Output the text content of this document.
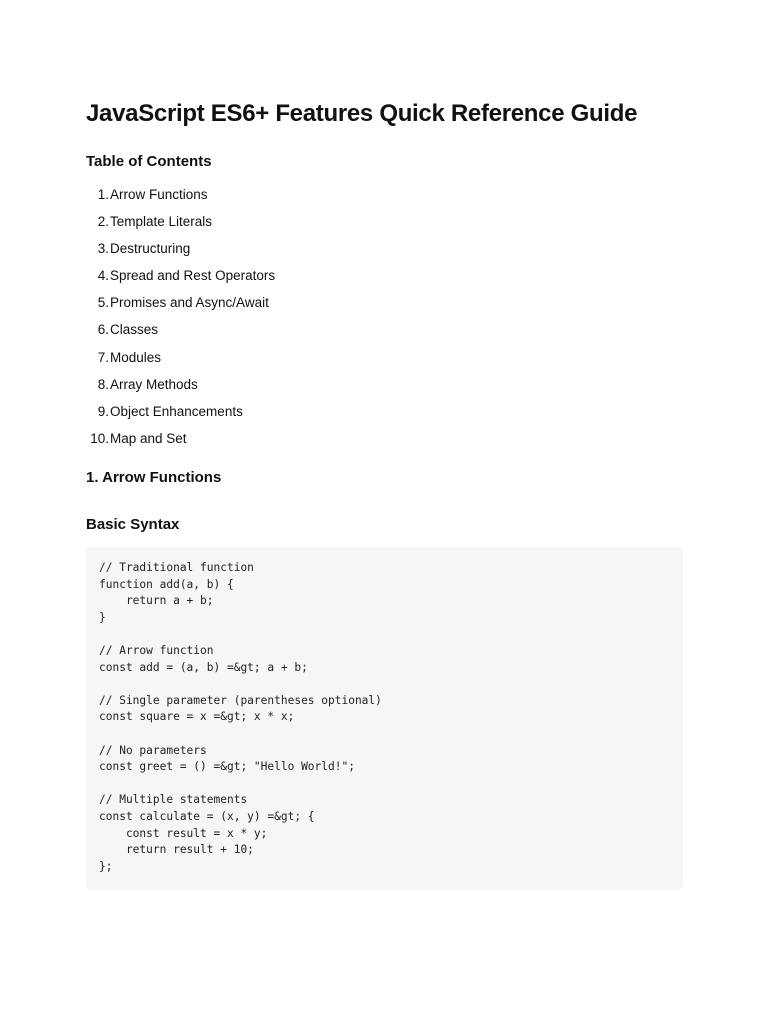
JavaScript ES6+ Features Quick Reference Guide
Table of Contents
1. Arrow Functions
2. Template Literals
3. Destructuring
4. Spread and Rest Operators
5. Promises and Async/Await
6. Classes
7. Modules
8. Array Methods
9. Object Enhancements
10. Map and Set
1. Arrow Functions
Basic Syntax
// Traditional function
function add(a, b) {
return a + b;
}
// Arrow function
const add = (a, b) =&gt; a + b;
// Single parameter (parentheses optional)
const square = x =&gt; x * x;
// No parameters
const greet = () =&gt; "Hello World!";
// Multiple statements
const calculate = (x, y) =&gt; {
const result = x * y;
return result + 10;
};
